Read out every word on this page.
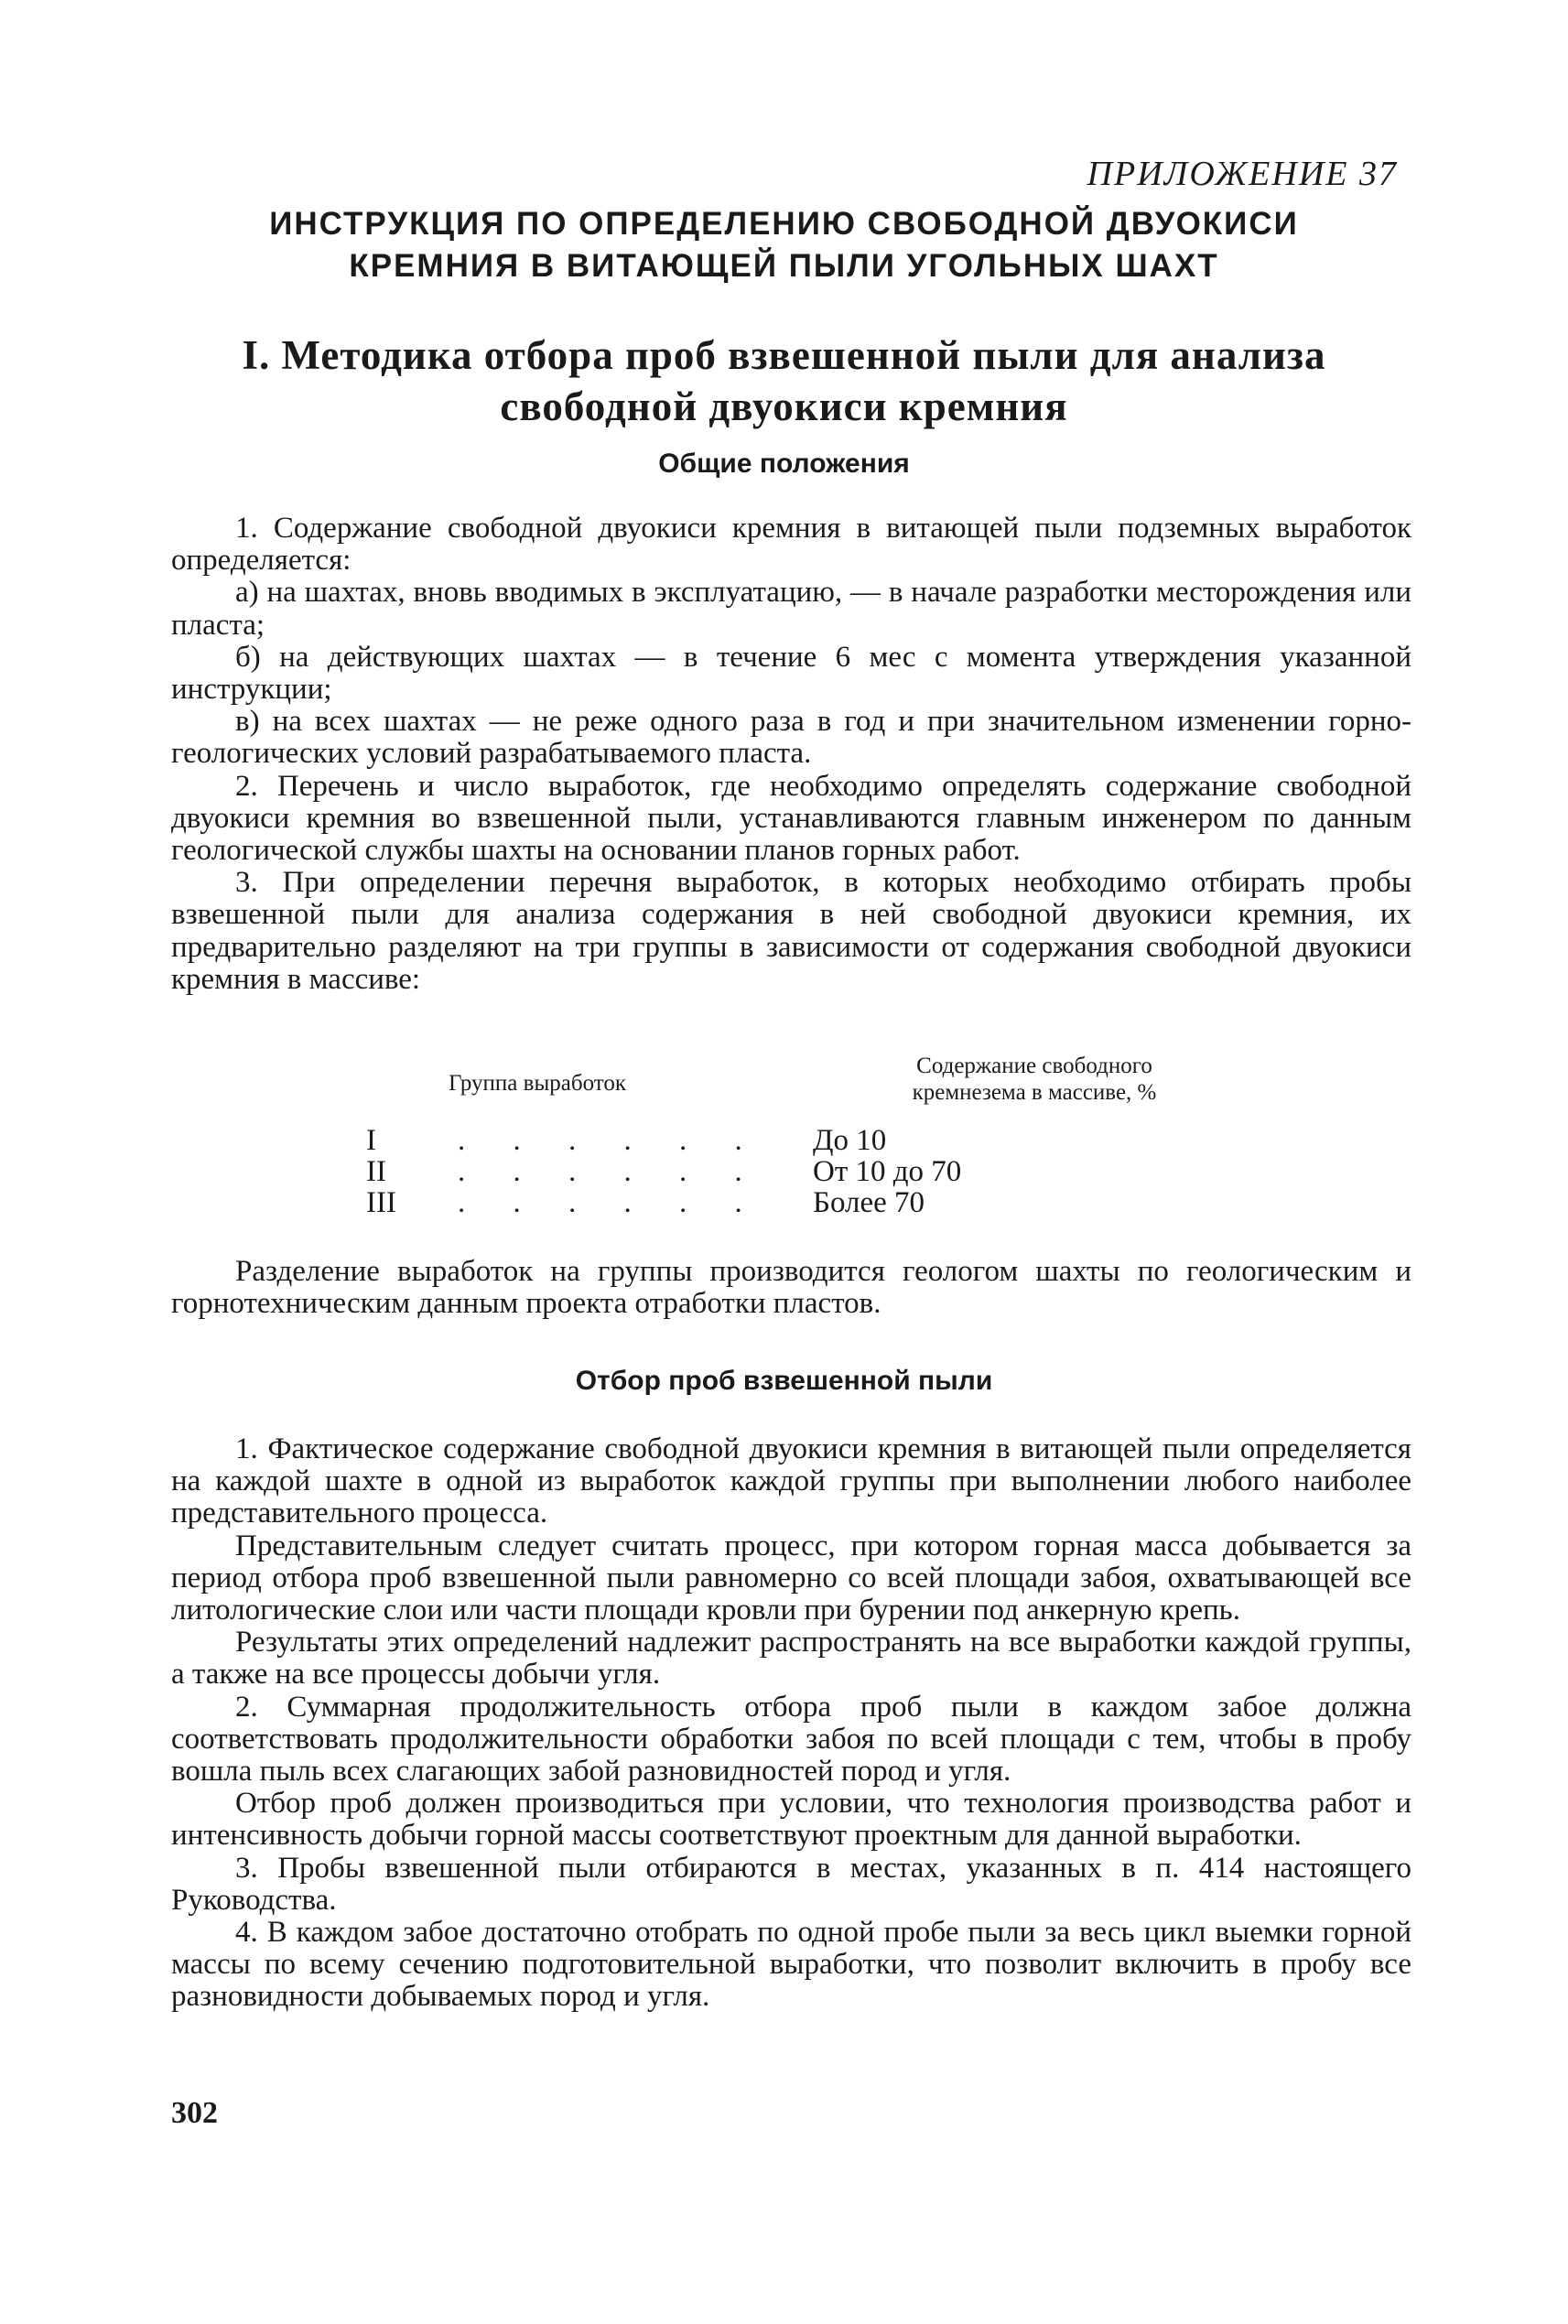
ПРИЛОЖЕНИЕ 37
ИНСТРУКЦИЯ ПО ОПРЕДЕЛЕНИЮ СВОБОДНОЙ ДВУОКИСИ
КРЕМНИЯ В ВИТАЮЩЕЙ ПЫЛИ УГОЛЬНЫХ ШАХТ
I. Методика отбора проб взвешенной пыли для анализа
свободной двуокиси кремния
Общие положения

1. Содержание свободной двуокиси кремния в витающей пыли подземных выработок определяется:

а) на шахтах, вновь вводимых в эксплуатацию, — в начале разработки месторождения или пласта;

б) на действующих шахтах — в течение 6 мес с момента утверждения указанной инструкции;

в) на всех шахтах — не реже одного раза в год и при значительном изменении горно-геологических условий разрабатываемого пласта.

2. Перечень и число выработок, где необходимо определять содержание свободной двуокиси кремния во взвешенной пыли, устанавливаются главным инженером по данным геологической службы шахты на основании планов горных работ.

3. При определении перечня выработок, в которых необходимо отбирать пробы взвешенной пыли для анализа содержания в ней свободной двуокиси кремния, их предварительно разделяют на три группы в зависимости от содержания свободной двуокиси кремния в массиве:

Группа выработок
Содержание свободного
кремнезема в массиве, %
I	. . . . . . До 10
II . . . . . . От 10 до 70
III . . . . . . Более 70

Разделение выработок на группы производится геологом шахты по геологическим и горнотехническим данным проекта отработки пластов.

Отбор проб взвешенной пыли

1. Фактическое содержание свободной двуокиси кремния в витающей пыли определяется на каждой шахте в одной из выработок каждой группы при выполнении любого наиболее представительного процесса.

Представительным следует считать процесс, при котором горная масса добывается за период отбора проб взвешенной пыли равномерно со всей площади забоя, охватывающей все литологические слои или части площади кровли при бурении под анкерную крепь.

Результаты этих определений надлежит распространять на все выработки каждой группы, а также на все процессы добычи угля.

2. Суммарная продолжительность отбора проб пыли в каждом забое должна соответствовать продолжительности обработки забоя по всей площади с тем, чтобы в пробу вошла пыль всех слагающих забой разновидностей пород и угля.

Отбор проб должен производиться при условии, что технология производства работ и интенсивность добычи горной массы соответствуют проектным для данной выработки.

3. Пробы взвешенной пыли отбираются в местах, указанных в п. 414 настоящего Руководства.

4. В каждом забое достаточно отобрать по одной пробе пыли за весь цикл выемки горной массы по всему сечению подготовительной выработки, что позволит включить в пробу все разновидности добываемых пород и угля.

302
